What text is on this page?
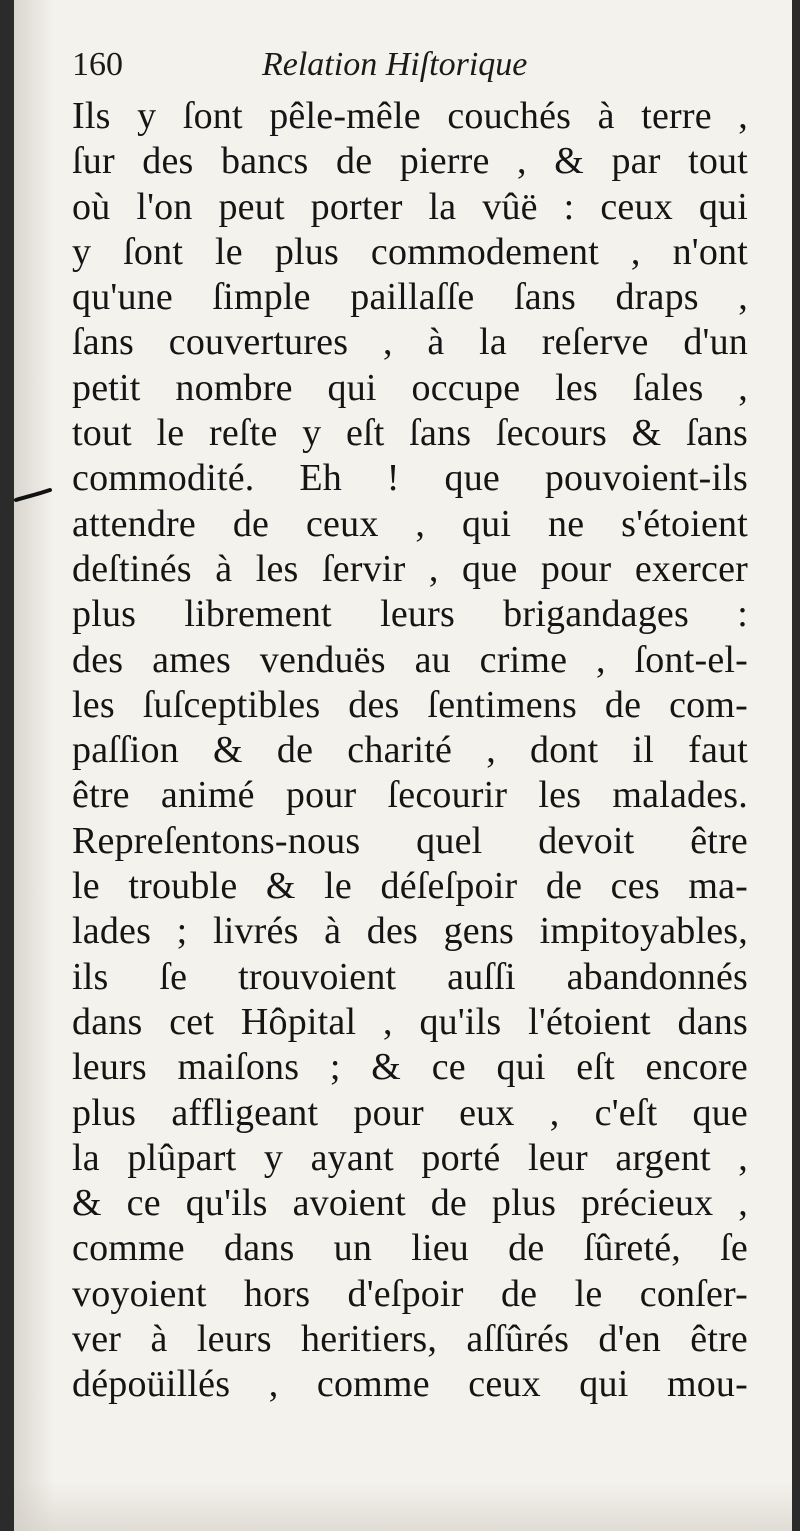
160	Relation Hiſtorique
Ils y ſont pêle-mêle couchés à terre ,
ſur des bancs de pierre , & par tout
où l'on peut porter la vûë : ceux qui
y ſont le plus commodement , n'ont
qu'une ſimple paillaſſe ſans draps ,
ſans couvertures , à la reſerve d'un
petit nombre qui occupe les ſales ,
tout le reſte y eſt ſans ſecours & ſans
commodité. Eh ! que pouvoient-ils
attendre de ceux , qui ne s'étoient
deſtinés à les ſervir , que pour exercer
plus librement leurs brigandages :
des ames venduës au crime , ſont-el-
les ſuſceptibles des ſentimens de com-
paſſion & de charité , dont il faut
être animé pour ſecourir les malades.
Repreſentons-nous quel devoit être
le trouble & le déſeſpoir de ces ma-
lades ; livrés à des gens impitoyables,
ils ſe trouvoient auſſi abandonnés
dans cet Hôpital , qu'ils l'étoient dans
leurs maiſons ; & ce qui eſt encore
plus affligeant pour eux , c'eſt que
la plûpart y ayant porté leur argent ,
& ce qu'ils avoient de plus précieux ,
comme dans un lieu de ſûreté, ſe
voyoient hors d'eſpoir de le conſer-
ver à leurs heritiers, aſſûrés d'en être
dépoüillés , comme ceux qui mou-
